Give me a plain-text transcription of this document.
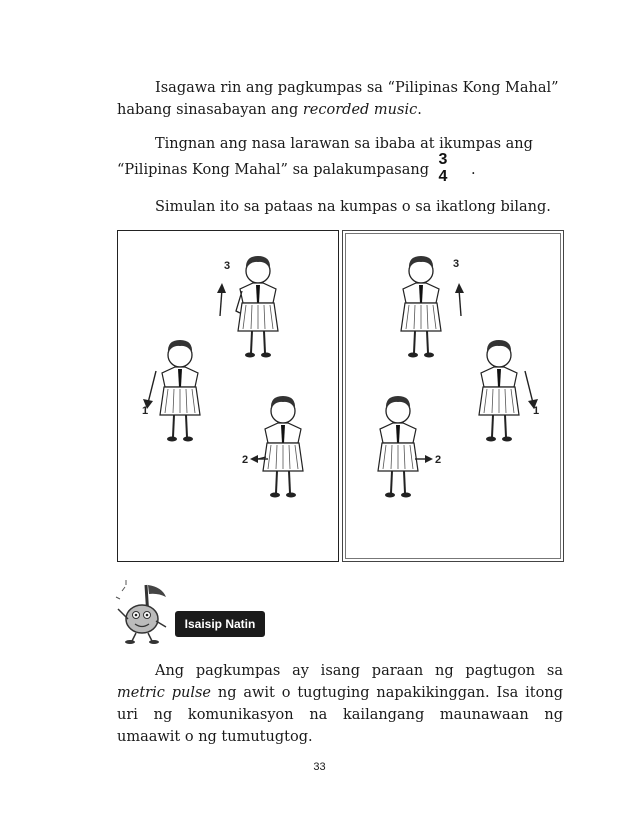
Isagawa rin ang pagkumpas sa “Pilipinas Kong Mahal” habang sinasabayan ang recorded music.

Tingnan ang nasa larawan sa ibaba at ikumpas ang

“Pilipinas Kong Mahal” sa palakumpasang	.

3
4

Simulan ito sa pataas na kumpas o sa ikatlong bilang.

3
1
2
3
1
2
Isaisip Natin

Ang pagkumpas ay isang paraan ng pagtugon sa metric pulse ng awit o tugtuging napakikinggan. Isa itong uri ng komunikasyon na kailangang maunawaan ng umaawit o ng tumutugtog.

33
